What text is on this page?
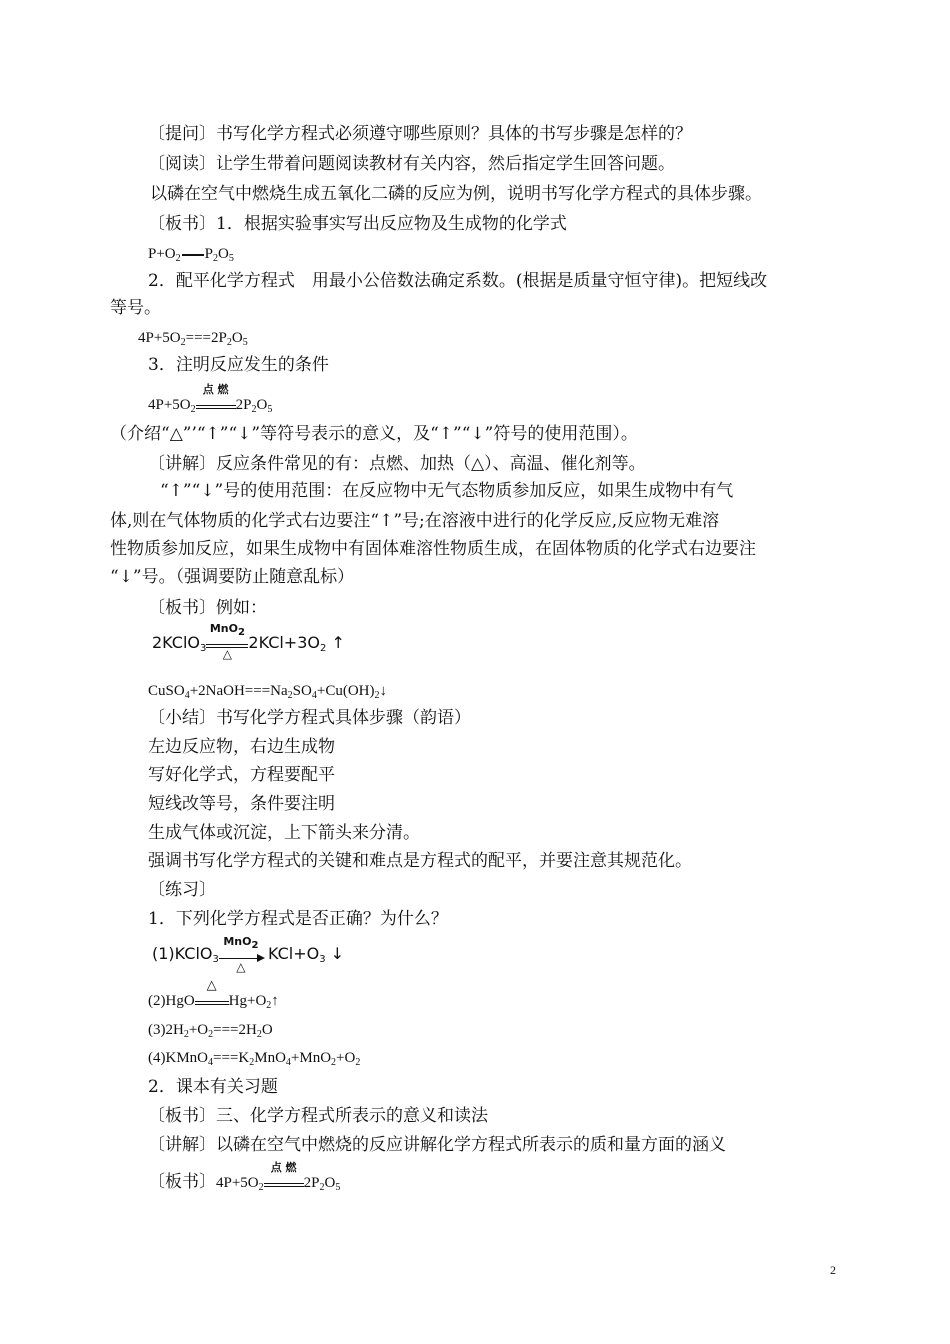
〔提问〕书写化学方程式必须遵守哪些原则？具体的书写步骤是怎样的？
〔阅读〕让学生带着问题阅读教材有关内容，然后指定学生回答问题。
以磷在空气中燃烧生成五氧化二磷的反应为例，说明书写化学方程式的具体步骤。
〔板书〕1．根据实验事实写出反应物及生成物的化学式
$P+O_2$ $P_2O_5$
2．配平化学方程式　用最小公倍数法确定系数。(根据是质量守恒守律)。把短线改
等号。
$4P+5O_2===2P_2O_5$
3．注明反应发生的条件
$4P+5O_2$
点 燃
$2P_2O_5$
（介绍“△”’“↑”“↓”等符号表示的意义，及“↑”“↓”符号的使用范围）。
〔讲解〕反应条件常见的有：点燃、加热（△）、高温、催化剂等。
“↑”“↓”号的使用范围：在反应物中无气态物质参加反应，如果生成物中有气
体,则在气体物质的化学式右边要注“↑”号;在溶液中进行的化学反应,反应物无难溶
性物质参加反应，如果生成物中有固体难溶性物质生成，在固体物质的化学式右边要注
“↓”号。（强调要防止随意乱标）
〔板书〕例如：
2KClO$_3$
MnO$_2$
△
$2KCl+3O_2$ ↑
$CuSO_4+2NaOH===Na_2SO_4+Cu(OH)_2↓$
〔小结〕书写化学方程式具体步骤（韵语）
左边反应物，右边生成物
写好化学式，方程要配平
短线改等号，条件要注明
生成气体或沉淀，上下箭头来分清。
强调书写化学方程式的关键和难点是方程式的配平，并要注意其规范化。
〔练习〕
1．下列化学方程式是否正确？为什么？
(1)KClO$_3$
MnO$_2$
△
$KCl+O_3$ ↓
(2)HgO
△
$Hg+O_2↑$
$(3)2H_2+O_2===2H_2O$
$(4)KMnO_4===K_2MnO_4+MnO_2+O_2$
2．课本有关习题
〔板书〕三、化学方程式所表示的意义和读法
〔讲解〕以磷在空气中燃烧的反应讲解化学方程式所表示的质和量方面的涵义
〔板书〕$4P+5O_2$
点 燃
$2P_2O_5$
2
